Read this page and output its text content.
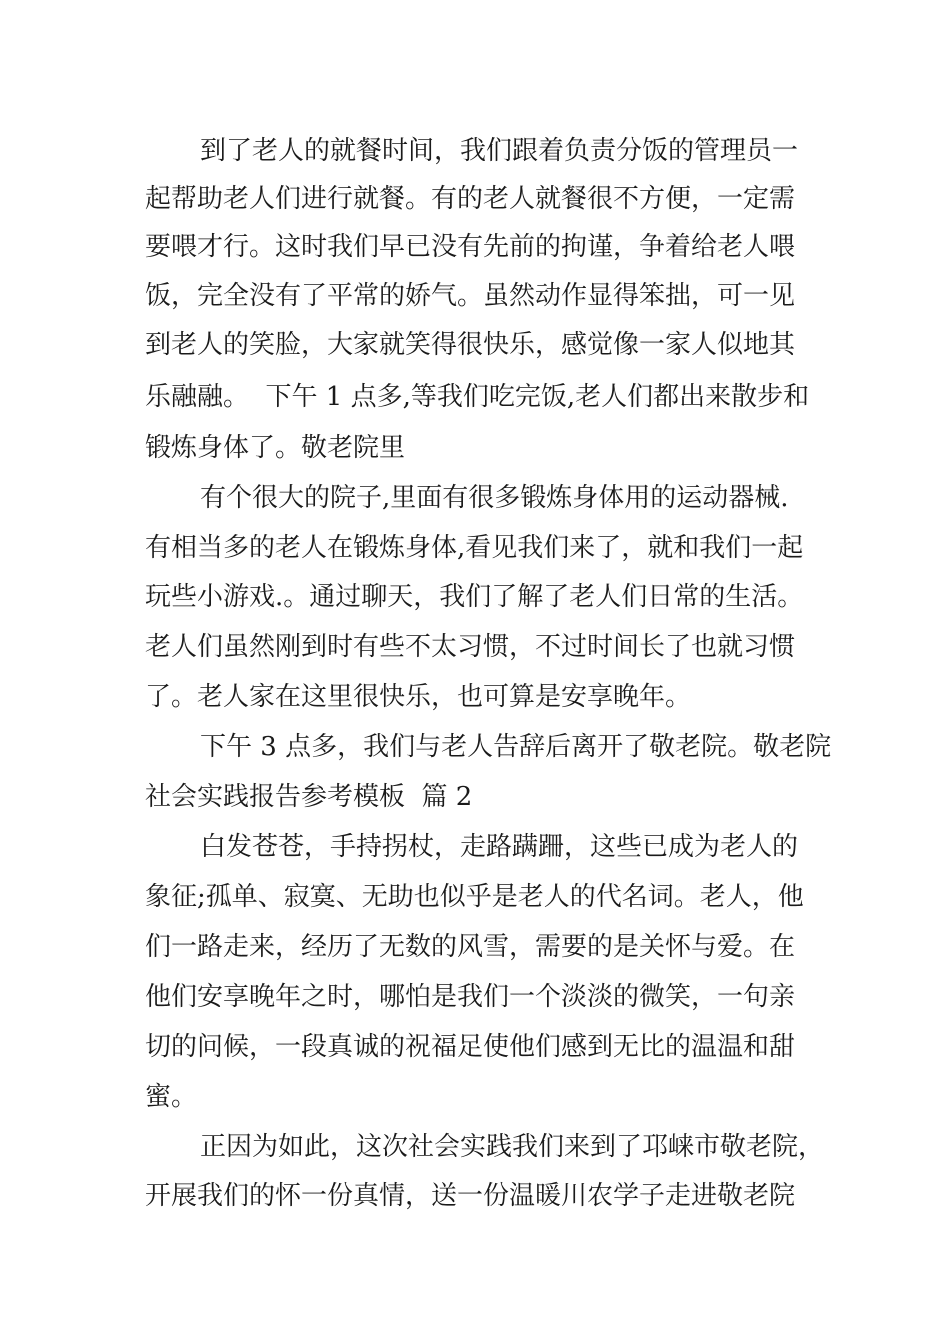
到了老人的就餐时间，我们跟着负责分饭的管理员一

起帮助老人们进行就餐。有的老人就餐很不方便，一定需

要喂才行。这时我们早已没有先前的拘谨，争着给老人喂

饭，完全没有了平常的娇气。虽然动作显得笨拙，可一见

到老人的笑脸，大家就笑得很快乐，感觉像一家人似地其

乐融融。  下午 1 点多,等我们吃完饭,老人们都出来散步和

锻炼身体了。敬老院里

有个很大的院子,里面有很多锻炼身体用的运动器械.

有相当多的老人在锻炼身体,看见我们来了，就和我们一起

玩些小游戏.。通过聊天，我们了解了老人们日常的生活。

老人们虽然刚到时有些不太习惯，不过时间长了也就习惯

了。老人家在这里很快乐，也可算是安享晚年。

下午 3 点多，我们与老人告辞后离开了敬老院。敬老院

社会实践报告参考模板  篇 2

白发苍苍，手持拐杖，走路蹒跚，这些已成为老人的

象征;孤单、寂寞、无助也似乎是老人的代名词。老人，他

们一路走来，经历了无数的风雪，需要的是关怀与爱。在

他们安享晚年之时，哪怕是我们一个淡淡的微笑，一句亲

切的问候，一段真诚的祝福足使他们感到无比的温温和甜

蜜。

正因为如此，这次社会实践我们来到了邛崃市敬老院，

开展我们的怀一份真情，送一份温暖川农学子走进敬老院
